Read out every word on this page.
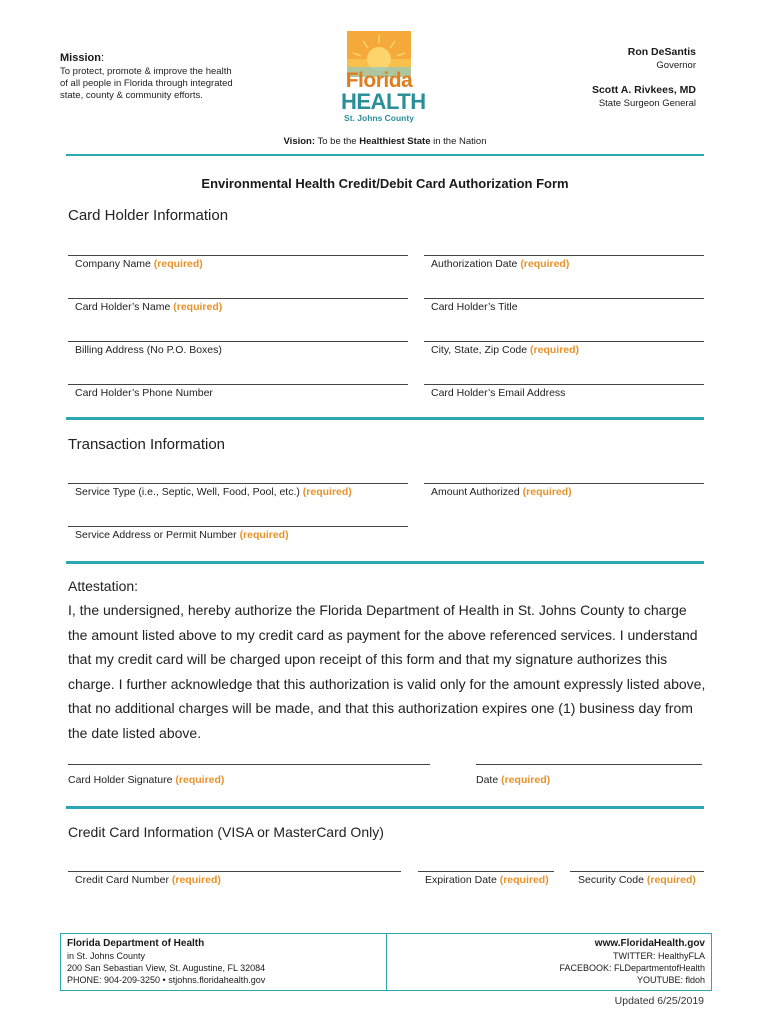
Mission:
To protect, promote & improve the health
of all people in Florida through integrated
state, county & community efforts.
Florida
HEALTH
St. Johns County
Ron DeSantis
Governor
Scott A. Rivkees, MD
State Surgeon General
Vision: To be the Healthiest State in the Nation
Environmental Health Credit/Debit Card Authorization Form
Card Holder Information
Company Name (required)	Authorization Date (required)
Card Holder’s Name (required)	Card Holder’s Title
Billing Address (No P.O. Boxes)	City, State, Zip Code (required)
Card Holder’s Phone Number	Card Holder’s Email Address
Transaction Information
Service Type (i.e., Septic, Well, Food, Pool, etc.) (required)	Amount Authorized (required)
Service Address or Permit Number (required)
Attestation:
I, the undersigned, hereby authorize the Florida Department of Health in St. Johns County to charge
the amount listed above to my credit card as payment for the above referenced services. I understand
that my credit card will be charged upon receipt of this form and that my signature authorizes this
charge. I further acknowledge that this authorization is valid only for the amount expressly listed above,
that no additional charges will be made, and that this authorization expires one (1) business day from
the date listed above.
Card Holder Signature (required)	Date (required)
Credit Card Information (VISA or MasterCard Only)
Credit Card Number (required)	Expiration Date (required)	Security Code (required)
Florida Department of Health
in St. Johns County
200 San Sebastian View, St. Augustine, FL 32084
PHONE: 904-209-3250 • stjohns.floridahealth.gov
www.FloridaHealth.gov
TWITTER: HealthyFLA
FACEBOOK: FLDepartmentofHealth
YOUTUBE: fldoh
Updated 6/25/2019
